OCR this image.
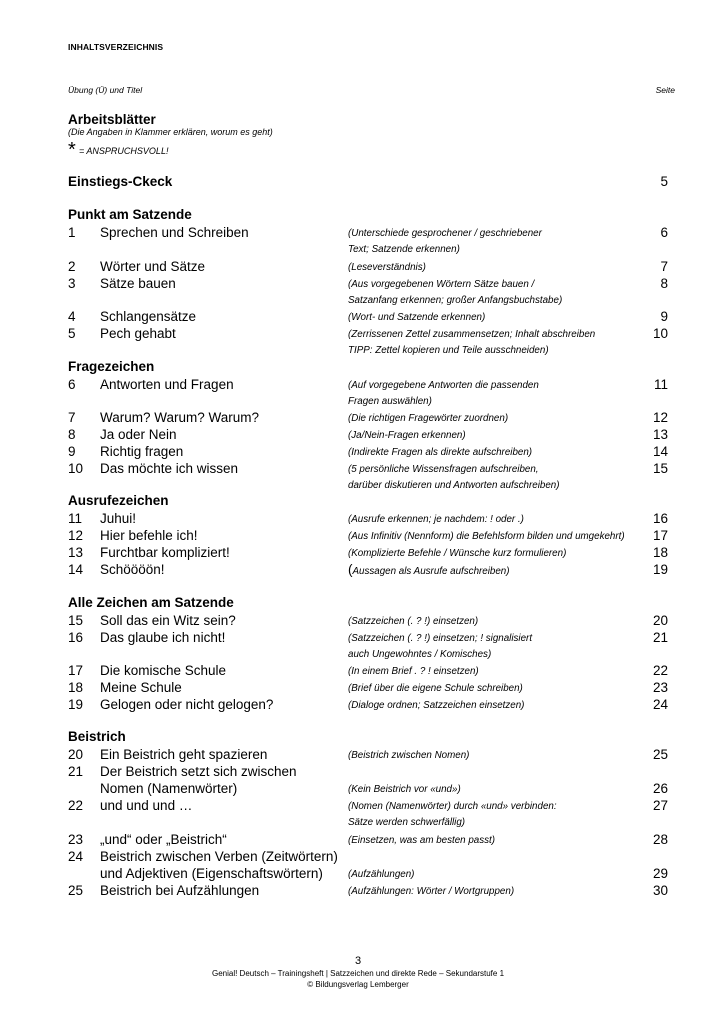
INHALTSVERZEICHNIS
Übung (Ü) und Titel	Seite
Arbeitsblätter
(Die Angaben in Klammer erklären, worum es geht)
* = ANSPRUCHSVOLL!
Einstiegs-Ckeck	5
Punkt am Satzende
Fragezeichen
Ausrufezeichen
Alle Zeichen am Satzende
Beistrich
1 Sprechen und Schreiben	(Unterschiede gesprochener / geschriebener	6
Text; Satzende erkennen)
2 Wörter und Sätze	(Leseverständnis)	7
3 Sätze bauen	(Aus vorgegebenen Wörtern Sätze bauen /	8
Satzanfang erkennen; großer Anfangsbuchstabe)
4 Schlangensätze	(Wort- und Satzende erkennen)	9
5 Pech gehabt	(Zerrissenen Zettel zusammensetzen; Inhalt abschreiben	10
TIPP: Zettel kopieren und Teile ausschneiden)
6 Antworten und Fragen	(Auf vorgegebene Antworten die passenden	11
Fragen auswählen)
7 Warum? Warum? Warum?	(Die richtigen Fragewörter zuordnen)	12
8 Ja oder Nein	(Ja/Nein-Fragen erkennen)	13
9 Richtig fragen	(Indirekte Fragen als direkte aufschreiben)	14
10 Das möchte ich wissen	(5 persönliche Wissensfragen aufschreiben,	15
darüber diskutieren und Antworten aufschreiben)
11 Juhui!	(Ausrufe erkennen; je nachdem: ! oder .)	16
12 Hier befehle ich!	(Aus Infinitiv (Nennform) die Befehlsform bilden und umgekehrt) 17
13 Furchtbar kompliziert!	(Komplizierte Befehle / Wünsche kurz formulieren)	18
14 Schöööön!	(Aussagen als Ausrufe aufschreiben)	19
15 Soll das ein Witz sein?	(Satzzeichen (. ? !) einsetzen)	20
16 Das glaube ich nicht!	(Satzzeichen (. ? !) einsetzen; ! signalisiert	21
auch Ungewohntes / Komisches)
17 Die komische Schule	(In einem Brief . ? ! einsetzen)	22
18 Meine Schule	(Brief über die eigene Schule schreiben)	23
19 Gelogen oder nicht gelogen?	(Dialoge ordnen; Satzzeichen einsetzen)	24
20 Ein Beistrich geht spazieren	(Beistrich zwischen Nomen)	25
21 Der Beistrich setzt sich zwischen
Nomen (Namenwörter)	(Kein Beistrich vor «und»)	26
22 und und und …	(Nomen (Namenwörter) durch «und» verbinden:	27
Sätze werden schwerfällig)
23 „und“ oder „Beistrich“	(Einsetzen, was am besten passt)	28
24 Beistrich zwischen Verben (Zeitwörtern)
und Adjektiven (Eigenschaftswörtern)	(Aufzählungen)	29
25 Beistrich bei Aufzählungen	(Aufzählungen: Wörter / Wortgruppen)	30
3
Genial! Deutsch – Trainingsheft | Satzzeichen und direkte Rede – Sekundarstufe 1
© Bildungsverlag Lemberger
